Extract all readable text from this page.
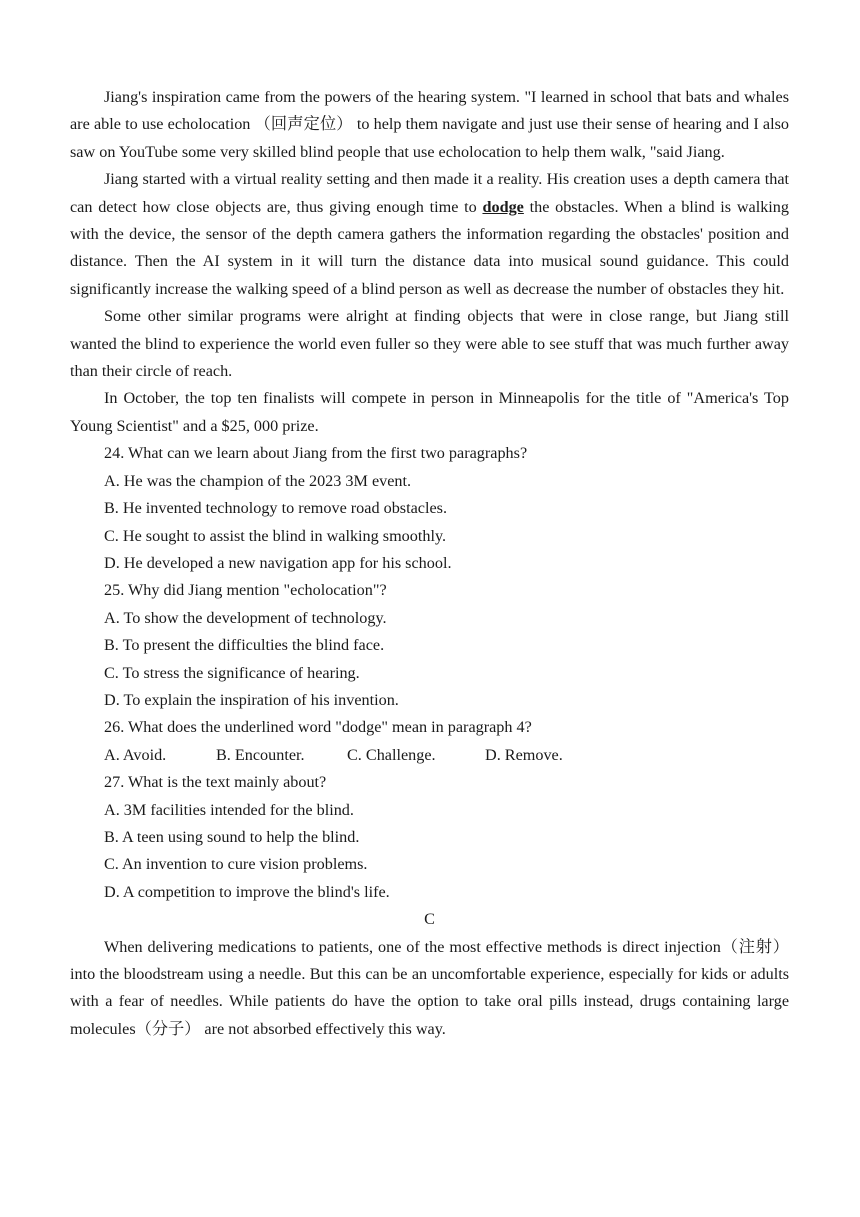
Jiang's inspiration came from the powers of the hearing system. "I learned in school that bats and whales are able to use echolocation （回声定位） to help them navigate and just use their sense of hearing and I also saw on YouTube some very skilled blind people that use echolocation to help them walk, "said Jiang.

Jiang started with a virtual reality setting and then made it a reality. His creation uses a depth camera that can detect how close objects are, thus giving enough time to dodge the obstacles. When a blind is walking with the device, the sensor of the depth camera gathers the information regarding the obstacles' position and distance. Then the AI system in it will turn the distance data into musical sound guidance. This could significantly increase the walking speed of a blind person as well as decrease the number of obstacles they hit.

Some other similar programs were alright at finding objects that were in close range, but Jiang still wanted the blind to experience the world even fuller so they were able to see stuff that was much further away than their circle of reach.

In October, the top ten finalists will compete in person in Minneapolis for the title of "America's Top Young Scientist" and a $25, 000 prize.

24. What can we learn about Jiang from the first two paragraphs?

A. He was the champion of the 2023 3M event.

B. He invented technology to remove road obstacles.

C. He sought to assist the blind in walking smoothly.

D. He developed a new navigation app for his school.

25. Why did Jiang mention "echolocation"?

A. To show the development of technology.

B. To present the difficulties the blind face.

C. To stress the significance of hearing.

D. To explain the inspiration of his invention.

26. What does the underlined word "dodge" mean in paragraph 4?

A. Avoid.	B. Encounter.	C. Challenge.	D. Remove.

27. What is the text mainly about?

A. 3M facilities intended for the blind.

B. A teen using sound to help the blind.

C. An invention to cure vision problems.

D. A competition to improve the blind's life.

C

When delivering medications to patients, one of the most effective methods is direct injection（注射） into the bloodstream using a needle. But this can be an uncomfortable experience, especially for kids or adults with a fear of needles. While patients do have the option to take oral pills instead, drugs containing large molecules（分子） are not absorbed effectively this way.
